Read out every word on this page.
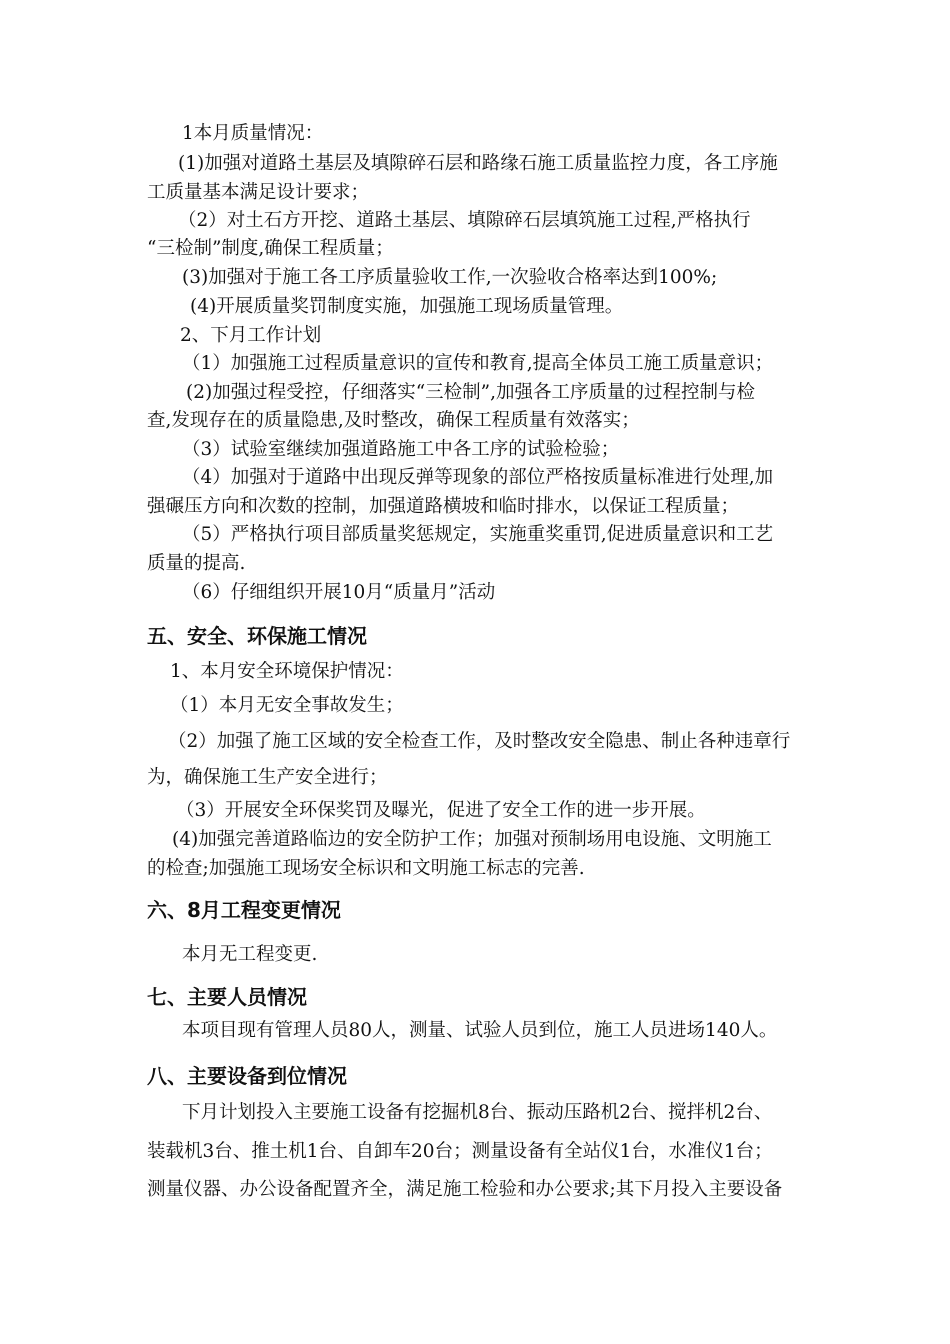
1本月质量情况：
(1)加强对道路土基层及填隙碎石层和路缘石施工质量监控力度，各工序施
工质量基本满足设计要求；
（2）对土石方开挖、道路土基层、填隙碎石层填筑施工过程,严格执行
“三检制”制度,确保工程质量；
(3)加强对于施工各工序质量验收工作,一次验收合格率达到100%;
(4)开展质量奖罚制度实施，加强施工现场质量管理。
2、下月工作计划
（1）加强施工过程质量意识的宣传和教育,提高全体员工施工质量意识；
(2)加强过程受控，仔细落实“三检制”,加强各工序质量的过程控制与检
查,发现存在的质量隐患,及时整改，确保工程质量有效落实；
（3）试验室继续加强道路施工中各工序的试验检验；
（4）加强对于道路中出现反弹等现象的部位严格按质量标准进行处理,加
强碾压方向和次数的控制，加强道路横坡和临时排水，以保证工程质量；
（5）严格执行项目部质量奖惩规定，实施重奖重罚,促进质量意识和工艺
质量的提高.
（6）仔细组织开展10月“质量月”活动
五、安全、环保施工情况
1、本月安全环境保护情况：
（1）本月无安全事故发生；
（2）加强了施工区域的安全检查工作，及时整改安全隐患、制止各种违章行
为，确保施工生产安全进行；
（3）开展安全环保奖罚及曝光，促进了安全工作的进一步开展。
(4)加强完善道路临边的安全防护工作；加强对预制场用电设施、文明施工
的检查;加强施工现场安全标识和文明施工标志的完善.
六、8月工程变更情况
本月无工程变更.
七、主要人员情况
本项目现有管理人员80人，测量、试验人员到位，施工人员进场140人。
八、主要设备到位情况
下月计划投入主要施工设备有挖掘机8台、振动压路机2台、搅拌机2台、
装载机3台、推土机1台、自卸车20台；测量设备有全站仪1台，水准仪1台；
测量仪器、办公设备配置齐全，满足施工检验和办公要求;其下月投入主要设备
